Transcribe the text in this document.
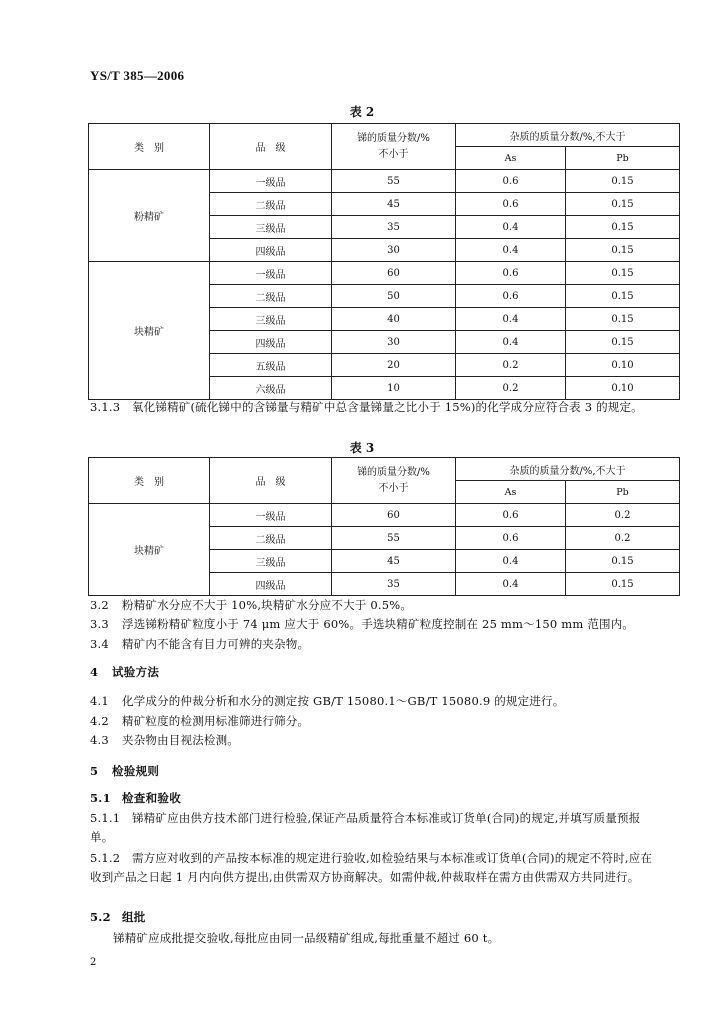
YS/T 385—2006
表 2
类　别	品　级	锑的质量分数/%
不小于	杂质的质量分数/%,不大于	
			As	Pb
粉精矿	一级品	55	0.6	0.15
	二级品	45	0.6	0.15
	三级品	35	0.4	0.15
	四级品	30	0.4	0.15
块精矿	一级品	60	0.6	0.15
	二级品	50	0.6	0.15
	三级品	40	0.4	0.15
	四级品	30	0.4	0.15
	五级品	20	0.2	0.10
	六级品	10	0.2	0.10
3.1.3　 氧化锑精矿(硫化锑中的含锑量与精矿中总含量锑量之比小于 15%)的化学成分应符合表 3 的规定。
表 3
类　别	品　级	锑的质量分数/%
不小于	杂质的质量分数/%,不大于	
			As	Pb
块精矿	一级品	60	0.6	0.2
	二级品	55	0.6	0.2
	三级品	45	0.4	0.15
	四级品	35	0.4	0.15
3.2 粉精矿水分应不大于 10%,块精矿水分应不大于 0.5%。
3.3 浮选锑粉精矿粒度小于 74 μm 应大于 60%。手选块精矿粒度控制在 25 mm～150 mm 范围内。
3.4 精矿内不能含有目力可辨的夹杂物。
4 试验方法
4.1 化学成分的仲裁分析和水分的测定按 GB/T 15080.1～GB/T 15080.9 的规定进行。
4.2 精矿粒度的检测用标准筛进行筛分。
4.3 夹杂物由目视法检测。
5 检验规则
5.1 检查和验收
5.1.1　 锑精矿应由供方技术部门进行检验,保证产品质量符合本标准或订货单(合同)的规定,并填写质量预报单。
5.1.2　 需方应对收到的产品按本标准的规定进行验收,如检验结果与本标准或订货单(合同)的规定不符时,应在收到产品之日起 1 月内向供方提出,由供需双方协商解决。如需仲裁,仲裁取样在需方由供需双方共同进行。
5.2 组批
锑精矿应成批提交验收,每批应由同一品级精矿组成,每批重量不超过 60 t。
2
